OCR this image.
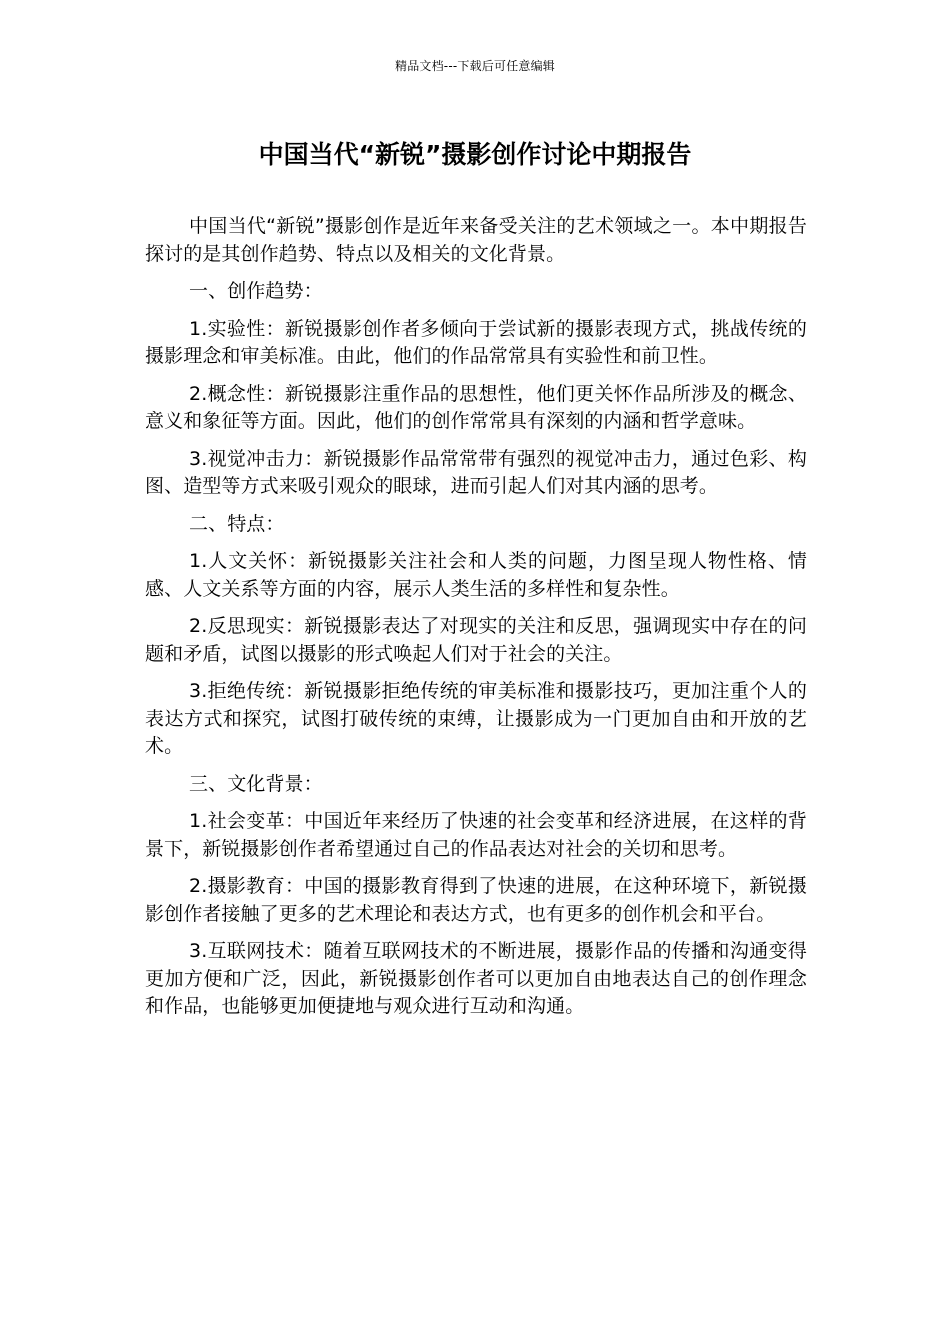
精品文档---下载后可任意编辑
中国当代“新锐”摄影创作讨论中期报告

中国当代“新锐”摄影创作是近年来备受关注的艺术领域之一。本中期报告探讨的是其创作趋势、特点以及相关的文化背景。

一、创作趋势：

1.实验性：新锐摄影创作者多倾向于尝试新的摄影表现方式，挑战传统的摄影理念和审美标准。由此，他们的作品常常具有实验性和前卫性。

2.概念性：新锐摄影注重作品的思想性，他们更关怀作品所涉及的概念、意义和象征等方面。因此，他们的创作常常具有深刻的内涵和哲学意味。

3.视觉冲击力：新锐摄影作品常常带有强烈的视觉冲击力，通过色彩、构图、造型等方式来吸引观众的眼球，进而引起人们对其内涵的思考。

二、特点：

1.人文关怀：新锐摄影关注社会和人类的问题，力图呈现人物性格、情感、人文关系等方面的内容，展示人类生活的多样性和复杂性。

2.反思现实：新锐摄影表达了对现实的关注和反思，强调现实中存在的问题和矛盾，试图以摄影的形式唤起人们对于社会的关注。

3.拒绝传统：新锐摄影拒绝传统的审美标准和摄影技巧，更加注重个人的表达方式和探究，试图打破传统的束缚，让摄影成为一门更加自由和开放的艺术。

三、文化背景：

1.社会变革：中国近年来经历了快速的社会变革和经济进展，在这样的背景下，新锐摄影创作者希望通过自己的作品表达对社会的关切和思考。

2.摄影教育：中国的摄影教育得到了快速的进展，在这种环境下，新锐摄影创作者接触了更多的艺术理论和表达方式，也有更多的创作机会和平台。

3.互联网技术：随着互联网技术的不断进展，摄影作品的传播和沟通变得更加方便和广泛，因此，新锐摄影创作者可以更加自由地表达自己的创作理念和作品，也能够更加便捷地与观众进行互动和沟通。
